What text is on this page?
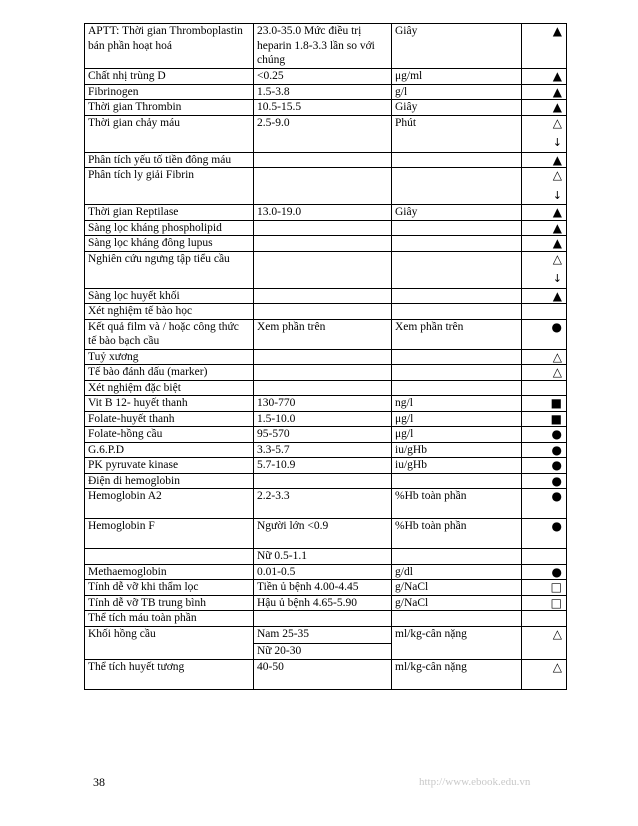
APTT: Thời gian Thromboplastin bán phần hoạt hoá	23.0-35.0 Mức điều trị heparin 1.8-3.3 lần so với chúng	Giây	▲
Chất nhị trùng D	<0.25	μg/ml	▲
Fibrinogen	1.5-3.8	g/l	▲
Thời gian Thrombin	10.5-15.5	Giây	▲
Thời gian chảy máu	2.5-9.0	Phút	△
↓

Phân tích yếu tố tiền đông máu			▲
Phân tích ly giải Fibrin			△
↓

Thời gian Reptilase	13.0-19.0	Giây	▲
Sàng lọc kháng phospholipid			▲
Sàng lọc kháng đông lupus			▲
Nghiên cứu ngưng tập tiểu cầu			△
↓

Sàng lọc huyết khối			▲
Xét nghiệm tế bào học			
Kết quả film và / hoặc công thức tế bào bạch cầu	Xem phần trên	Xem phần trên	●
Tuỷ xương			△
Tế bào đánh dấu (marker)			△
Xét nghiệm đặc biệt			
Vit B 12- huyết thanh	130-770	ng/l	■
Folate-huyết thanh	1.5-10.0	μg/l	■
Folate-hồng cầu	95-570	μg/l	●
G.6.P.D	3.3-5.7	iu/gHb	●
PK pyruvate kinase	5.7-10.9	iu/gHb	●
Điện di hemoglobin			●
Hemoglobin A2	2.2-3.3	%Hb toàn phần	●
Hemoglobin F	Người lớn <0.9	%Hb toàn phần	●
	Nữ 0.5-1.1		
Methaemoglobin	0.01-0.5	g/dl	●
Tính dễ vỡ khi thẩm lọc	Tiền ủ bệnh 4.00-4.45	g/NaCl	□
Tính dễ vỡ TB trung bình	Hậu ủ bệnh 4.65-5.90	g/NaCl	□
Thể tích máu toàn phần			
Khối hồng cầu	Nam 25-35	ml/kg-cân nặng	△
	Nữ 20-30		
Thể tích huyết tương	40-50	ml/kg-cân nặng	△
38	http://www.ebook.edu.vn
